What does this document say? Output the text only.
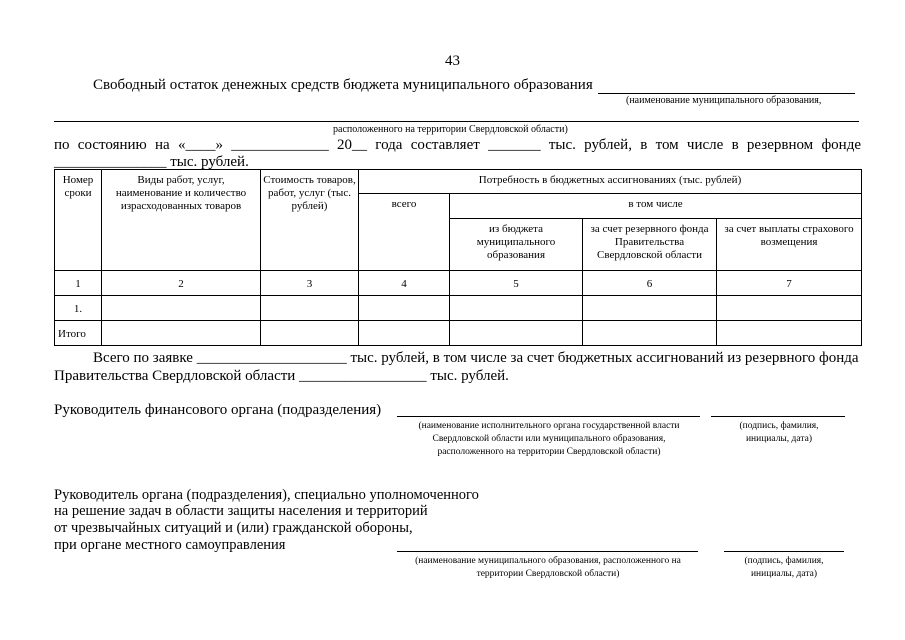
43
Свободный остаток денежных средств бюджета муниципального образования
(наименование муниципального образования,
расположенного на территории Свердловской области)
по состоянию на «____» _____________ 20__ года составляет _______ тыс. рублей, в том числе в резервном фонде
_______________ тыс. рублей.
Номер сроки	Виды работ, услуг, наименование и количество израсходованных товаров	Стоимость товаров, работ, услуг (тыс. рублей)	Потребность в бюджетных ассигнованиях (тыс. рублей)			
			всего	в том числе		
				из бюджета муниципального образования	за счет резервного фонда Правительства Свердловской области	за счет выплаты страхового возмещения
1	2	3	4	5	6	7
1.						
Итого						
Всего по заявке ____________________ тыс. рублей, в том числе за счет бюджетных ассигнований из резервного фонда
Правительства Свердловской области _________________ тыс. рублей.
Руководитель финансового органа (подразделения)
(наименование исполнительного органа государственной власти Свердловской области или муниципального образования, расположенного на территории Свердловской области)
(подпись, фамилия, инициалы, дата)
Руководитель органа (подразделения), специально уполномоченного
на решение задач в области защиты населения и территорий
от чрезвычайных ситуаций и (или) гражданской обороны,
при органе местного самоуправления
(наименование муниципального образования, расположенного на территории Свердловской области)
(подпись, фамилия, инициалы, дата)
